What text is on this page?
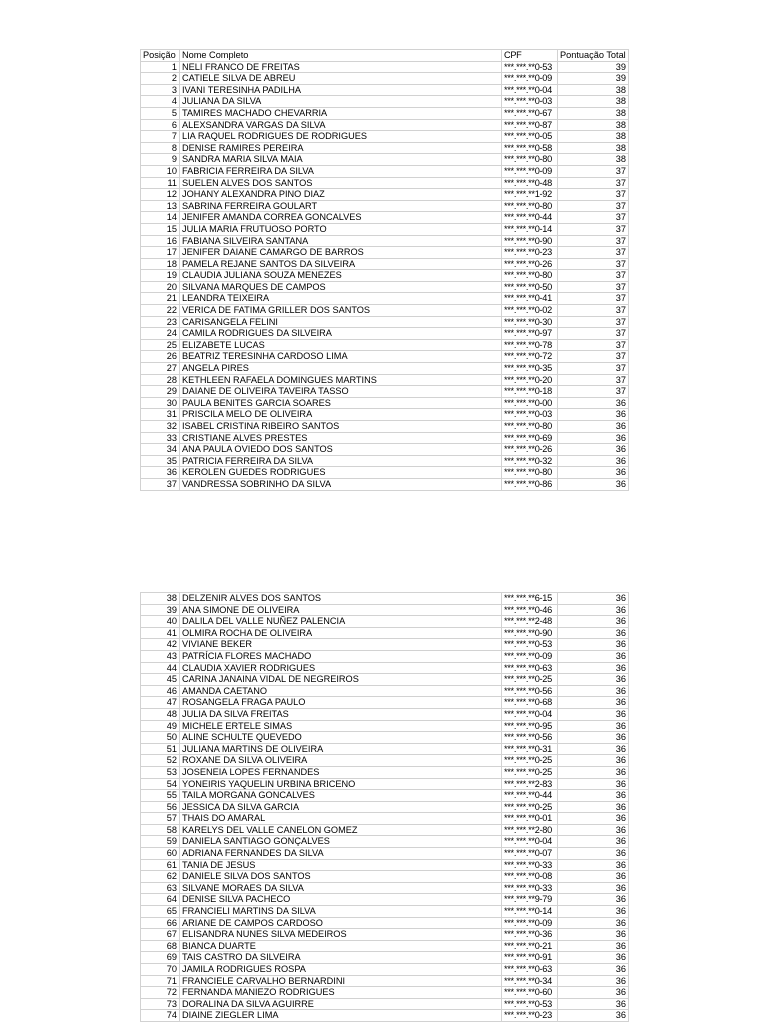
Posição	Nome Completo	CPF	Pontuação Total
1	NELI FRANCO DE FREITAS	***.***.**0-53	39
2	CATIELE SILVA DE ABREU	***.***.**0-09	39
3	IVANI TERESINHA PADILHA	***.***.**0-04	38
4	JULIANA DA SILVA	***.***.**0-03	38
5	TAMIRES MACHADO CHEVARRIA	***.***.**0-67	38
6	ALEXSANDRA VARGAS DA SILVA	***.***.**0-87	38
7	LIA RAQUEL RODRIGUES DE RODRIGUES	***.***.**0-05	38
8	DENISE RAMIRES PEREIRA	***.***.**0-58	38
9	SANDRA MARIA SILVA MAIA	***.***.**0-80	38
10	FABRICIA FERREIRA DA SILVA	***.***.**0-09	37
11	SUELEN ALVES DOS SANTOS	***.***.**0-48	37
12	JOHANY ALEXANDRA PINO DIAZ	***.***.**1-92	37
13	SABRINA FERREIRA GOULART	***.***.**0-80	37
14	JENIFER AMANDA CORREA GONCALVES	***.***.**0-44	37
15	JULIA MARIA FRUTUOSO PORTO	***.***.**0-14	37
16	FABIANA SILVEIRA SANTANA	***.***.**0-90	37
17	JENIFER DAIANE CAMARGO DE BARROS	***.***.**0-23	37
18	PAMELA REJANE SANTOS DA SILVEIRA	***.***.**0-26	37
19	CLAUDIA JULIANA SOUZA MENEZES	***.***.**0-80	37
20	SILVANA MARQUES DE CAMPOS	***.***.**0-50	37
21	LEANDRA TEIXEIRA	***.***.**0-41	37
22	VERICA DE FATIMA GRILLER DOS SANTOS	***.***.**0-02	37
23	CARISANGELA FELINI	***.***.**0-30	37
24	CAMILA RODRIGUES DA SILVEIRA	***.***.**0-97	37
25	ELIZABETE LUCAS	***.***.**0-78	37
26	BEATRIZ TERESINHA CARDOSO LIMA	***.***.**0-72	37
27	ANGELA PIRES	***.***.**0-35	37
28	KETHLEEN RAFAELA DOMINGUES MARTINS	***.***.**0-20	37
29	DAIANE DE OLIVEIRA TAVEIRA TASSO	***.***.**0-18	37
30	PAULA BENITES GARCIA SOARES	***.***.**0-00	36
31	PRISCILA MELO DE OLIVEIRA	***.***.**0-03	36
32	ISABEL CRISTINA RIBEIRO SANTOS	***.***.**0-80	36
33	CRISTIANE ALVES PRESTES	***.***.**0-69	36
34	ANA PAULA OVIEDO DOS SANTOS	***.***.**0-26	36
35	PATRICIA FERREIRA DA SILVA	***.***.**0-32	36
36	KEROLEN GUEDES RODRIGUES	***.***.**0-80	36
37	VANDRESSA SOBRINHO DA SILVA	***.***.**0-86	36
38	DELZENIR ALVES DOS SANTOS	***.***.**6-15	36
39	ANA SIMONE DE OLIVEIRA	***.***.**0-46	36
40	DALILA DEL VALLE NUÑEZ PALENCIA	***.***.**2-48	36
41	OLMIRA ROCHA DE OLIVEIRA	***.***.**0-90	36
42	VIVIANE BEKER	***.***.**0-53	36
43	PATRÍCIA FLORES MACHADO	***.***.**0-09	36
44	CLAUDIA XAVIER RODRIGUES	***.***.**0-63	36
45	CARINA JANAINA VIDAL DE NEGREIROS	***.***.**0-25	36
46	AMANDA CAETANO	***.***.**0-56	36
47	ROSANGELA FRAGA PAULO	***.***.**0-68	36
48	JULIA DA SILVA FREITAS	***.***.**0-04	36
49	MICHELE ERTELE SIMAS	***.***.**0-95	36
50	ALINE SCHULTE QUEVEDO	***.***.**0-56	36
51	JULIANA MARTINS DE OLIVEIRA	***.***.**0-31	36
52	ROXANE DA SILVA OLIVEIRA	***.***.**0-25	36
53	JOSENEIA LOPES FERNANDES	***.***.**0-25	36
54	YONEIRIS YAQUELIN URBINA BRICENO	***.***.**2-83	36
55	TAILA MORGANA GONCALVES	***.***.**0-44	36
56	JESSICA DA SILVA GARCIA	***.***.**0-25	36
57	THAIS DO AMARAL	***.***.**0-01	36
58	KARELYS DEL VALLE CANELON GOMEZ	***.***.**2-80	36
59	DANIELA SANTIAGO GONÇALVES	***.***.**0-04	36
60	ADRIANA FERNANDES DA SILVA	***.***.**0-07	36
61	TANIA DE JESUS	***.***.**0-33	36
62	DANIELE SILVA DOS SANTOS	***.***.**0-08	36
63	SILVANE MORAES DA SILVA	***.***.**0-33	36
64	DENISE SILVA PACHECO	***.***.**9-79	36
65	FRANCIELI MARTINS DA SILVA	***.***.**0-14	36
66	ARIANE DE CAMPOS CARDOSO	***.***.**0-09	36
67	ELISANDRA NUNES SILVA MEDEIROS	***.***.**0-36	36
68	BIANCA DUARTE	***.***.**0-21	36
69	TAIS CASTRO DA SILVEIRA	***.***.**0-91	36
70	JAMILA RODRIGUES ROSPA	***.***.**0-63	36
71	FRANCIELE CARVALHO BERNARDINI	***.***.**0-34	36
72	FERNANDA MANIEZO RODRIGUES	***.***.**0-60	36
73	DORALINA DA SILVA AGUIRRE	***.***.**0-53	36
74	DIAINE ZIEGLER LIMA	***.***.**0-23	36
